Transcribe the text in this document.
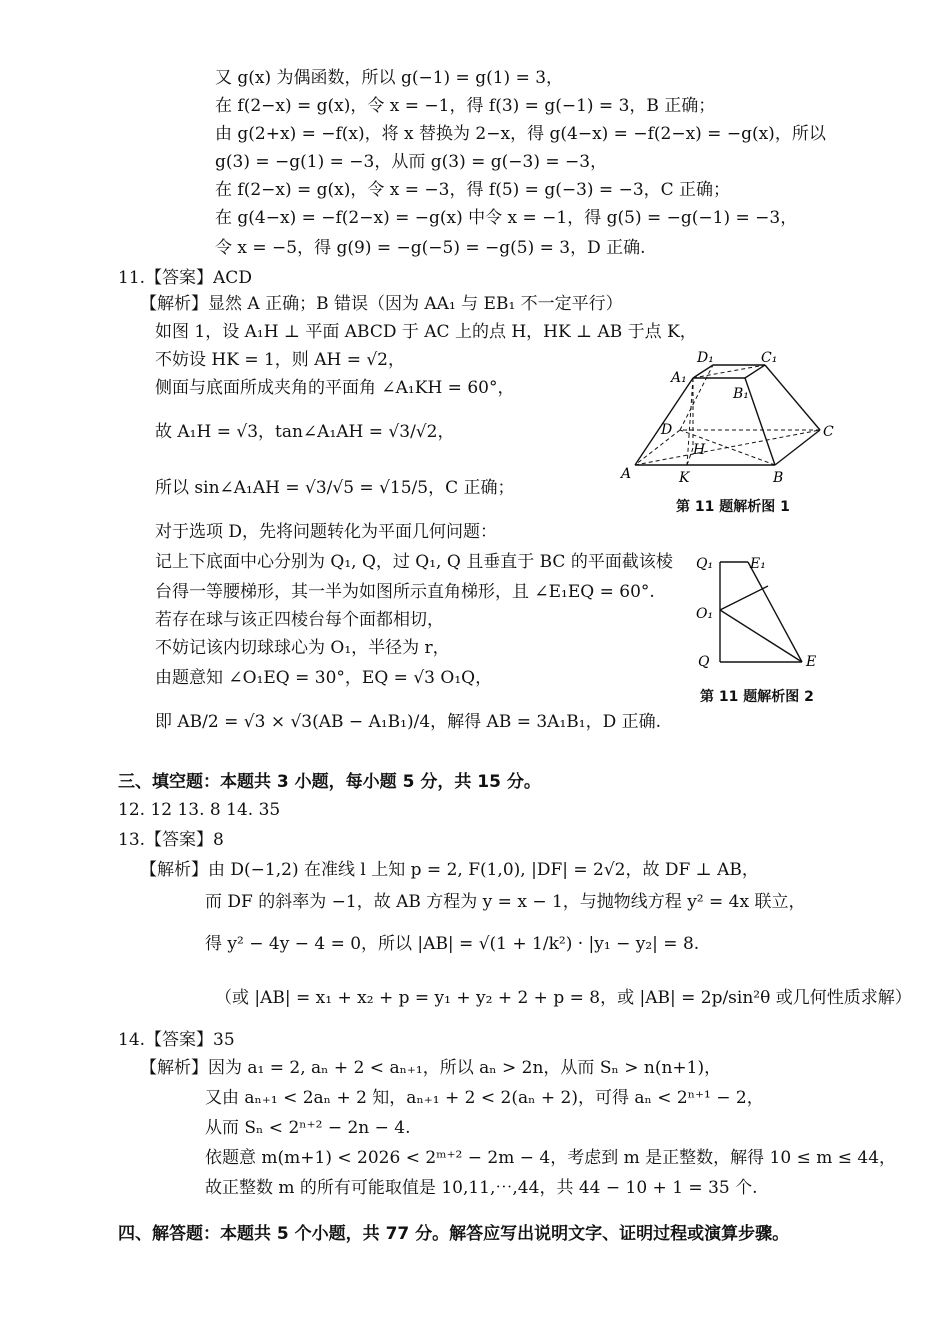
又 g(x) 为偶函数，所以 g(−1) = g(1) = 3，
在 f(2−x) = g(x)，令 x = −1，得 f(3) = g(−1) = 3，B 正确；
由 g(2+x) = −f(x)，将 x 替换为 2−x，得 g(4−x) = −f(2−x) = −g(x)，所以
g(3) = −g(1) = −3，从而 g(3) = g(−3) = −3，
在 f(2−x) = g(x)，令 x = −3，得 f(5) = g(−3) = −3，C 正确；
在 g(4−x) = −f(2−x) = −g(x) 中令 x = −1，得 g(5) = −g(−1) = −3，
令 x = −5，得 g(9) = −g(−5) = −g(5) = 3，D 正确.
11.【答案】ACD
【解析】显然 A 正确；B 错误（因为 AA₁ 与 EB₁ 不一定平行）
如图 1，设 A₁H ⊥ 平面 ABCD 于 AC 上的点 H，HK ⊥ AB 于点 K，
不妨设 HK = 1，则 AH = √2，
侧面与底面所成夹角的平面角 ∠A₁KH = 60°，
故 A₁H = √3，tan∠A₁AH = √3/√2，
所以 sin∠A₁AH = √3/√5 = √15/5，C 正确；
对于选项 D，先将问题转化为平面几何问题：
记上下底面中心分别为 Q₁, Q，过 Q₁, Q 且垂直于 BC 的平面截该棱
台得一等腰梯形，其一半为如图所示直角梯形，且 ∠E₁EQ = 60°.
若存在球与该正四棱台每个面都相切，
不妨记该内切球球心为 O₁，半径为 r，
由题意知 ∠O₁EQ = 30°，EQ = √3 O₁Q，
即 AB/2 = √3 × √3(AB − A₁B₁)/4，解得 AB = 3A₁B₁，D 正确.
三、填空题：本题共 3 小题，每小题 5 分，共 15 分。
12. 12 13. 8 14. 35
13.【答案】8
【解析】由 D(−1,2) 在准线 l 上知 p = 2, F(1,0), |DF| = 2√2，故 DF ⊥ AB，
而 DF 的斜率为 −1，故 AB 方程为 y = x − 1，与抛物线方程 y² = 4x 联立，
得 y² − 4y − 4 = 0，所以 |AB| = √(1 + 1/k²) · |y₁ − y₂| = 8.
（或 |AB| = x₁ + x₂ + p = y₁ + y₂ + 2 + p = 8，或 |AB| = 2p/sin²θ 或几何性质求解）
14.【答案】35
【解析】因为 a₁ = 2, aₙ + 2 < aₙ₊₁，所以 aₙ > 2n，从而 Sₙ > n(n+1)，
又由 aₙ₊₁ < 2aₙ + 2 知，aₙ₊₁ + 2 < 2(aₙ + 2)，可得 aₙ < 2ⁿ⁺¹ − 2，
从而 Sₙ < 2ⁿ⁺² − 2n − 4.
依题意 m(m+1) < 2026 < 2ᵐ⁺² − 2m − 4，考虑到 m 是正整数，解得 10 ≤ m ≤ 44，
故正整数 m 的所有可能取值是 10,11,⋯,44，共 44 − 10 + 1 = 35 个.
四、解答题：本题共 5 个小题，共 77 分。解答应写出说明文字、证明过程或演算步骤。
A	B
C
D
A₁
B₁
C₁
D₁
H
K
第 11 题解析图 1
Q₁	E₁
O₁
Q	E
第 11 题解析图 2
